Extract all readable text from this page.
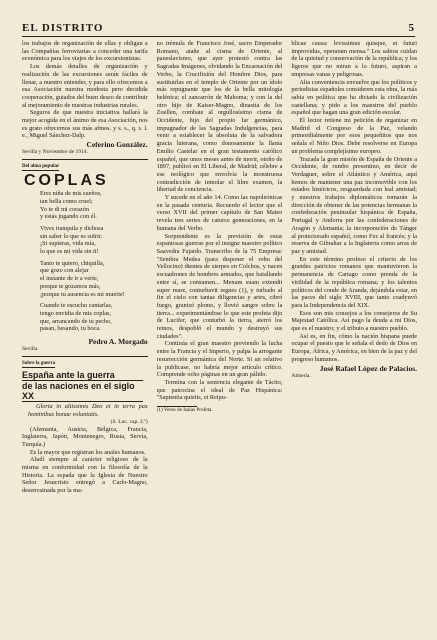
EL DISTRITO	5

los trabajos de organización de ellas y obligan a las Compañías ferroviarias a conceder una tarifa económica para los viajes de los excursionistas.

Los demás detalles de organización y realización de las excursiones serán fáciles de llenar, a nuestro entender, y para ello ofrecemos a esa Asociación nuestra modesta pero decidida cooperación, guiados del buen deseo de contribuir al mejoramiento de nuestras industrias rurales.

Seguros de que nuestra iniciativa hallará la mejor acogida en el ánimo de esa Asociación, nos es grato ofrecernos sus más afmos. y s. s., q. s. l. e., Miguel Sánchez-Dalp.

Ceferino González.

Sevilla y Noviembre de 1914.

Del alma popular
COPLAS
Eres niña de mis sueños,
tan bella como cruel;
Yo te di mi corazón
y estás jugando con él.
Vives tranquila y dichosa
sin saber lo que es sufrir.
¡Si supieras, vida mía,
lo que es mi vida sin ti!
Tanto te quiero, chiquilla,
que gozo con alejar
el instante de ir a verte,
porque te gozamos más,
¡porque tu ausencia es mi muerte!
Cuando te escucho cantarlas,
tengo envidia de mis coplas,
que, arrancando de tu pecho,
pasan, besando, tu boca.

Pedro A. Morgado

Sevilla.

Sobre la guerra
España ante la guerra
de las naciones en el siglo XX

Gloria in altissimis Deo et in terra pax hominibus bonae voluntatis.

(S. Luc. cap. 2.º)

(Alemania, Austria, Bélgica, Francia, Inglaterra, Japón, Montenegro, Rusia, Servia, Turquía.)

Es la mayor que registran los anales humanos.

Aludí siempre al carácter religioso de la misma en conformidad con la filosofía de la Historia. La espada que la Iglesia de Nuestro Señor Jesucristo entregó a Carlo-Magno, desenvainada por la ma-

no trémula de Francisco José, sacro Emperador Romano, atañe al cisma de Oriente, al paneslavismo, que ayer protestó contra las Sagradas Imágenes, olvidando la Encarnación del Verbo, la Crucifixión del Hombre Dios, para sustituirlas en el templo de Oriente por un ídolo más repugnante que los de la bella mitología helénica; el zancarrón de Mahoma; y con la del otro hijo de Kaiser-Magno, dinastía de los Zoellen, combate al orgullosísimo cisma de Occidente, hijo del propio far germánico, impugnador de las Sagradas Indulgencias, para venir a establecer la absoluta de la salvadora gracia luterana, como donosamente la llama Emilio Castelar en el gran testamento católico español, que unos meses antes de morir, otoño de 1897, publicó en El Liberal, de Madrid; célebre a ese teológico que envolvía la monstruosa contradicción de inmolar el libre examen, la libertad de conciencia.

Y sucede en el año 14. Como las napoleónicas en la pasada centuria. Recuerdo el lector que el verso XVII del primer capítulo de San Mateo revela tres series de catorce generaciones, en la humana del Verbo.

Sorprendente es la previsión de estas espantosas guerras por el insigne maestro político Saavedra Fajardo. Transcribo de la 75 Empresa: "Sembra Medea (para disponer el robo del Vellocino) dientes de sierpes en Colchos, y nacen escuadrones de hombres armados, que batallando entre sí, se consumen... Menum suam extendit super mare, conturbavit regnes (1), y turbado al fin el cielo con tantas diligencias y artes, cibró fuego, granizó plomo, y llovió sangre sobre la tierra... experimentándose lo que este profeta dijo de Lucifer, que conturbó la tierra, aterró los reinos, despobló el mundo y destruyó sus ciudades".

Continúa el gran maestro previendo la lucha entre la Francia y el Imperio, y palpa la arrogante resurrección germánica del Norte. Si un relativo la publicase, no habría mejor artículo crítico. Comprende ocho páginas en un gran pálido.

Termina con la sentencia elegante de Tácito, que patrocina el ideal de Paz Hispánica: "Sapientia quietis, et Reipu-

(1) Verso de Isaías Profeta.

blicae causa: levissimus quisque, et futuri improvidus, operaram mensa." Los sabios cuidan de la quietud y conservación de la república; y los ligeros que no miran a lo futuro, aspiran a empresas vanas y peligrosas.

Alta conveniencia envuelve que los políticos y periodistas españoles consideren esta obra, la más sabia en política que ha dictado la civilización castellana; y pido a los maestros del pueblo español que hagan una gran edición escolar.

El lector retiene mi petición de organizar en Madrid el Congreso de la Paz, velando primordialmente por esos pequeñitos que nos señala el Niño Dios. Debe resolverse en Europa un problema complejísimo europeo.

Trazada la gran misión de España de Oriente a Occidente, de rumbo presentino, en decir de Verdaguer, sobre el Atlántico y América, aquí hemos de mantener una paz incomovible con los estados históricos, resguardada con leal amistad; y nuestros trabajos diplomáticos tomarán la dirección de obtener de las potencias hermanas la confederación peninsular hispánica de España, Portugal y Andorra por las confederaciones de Aragón y Alemania; la incorporación de Tánger al protectorado español, como Fez al francés; y la reserva de Gibraltar a la Inglaterra como arras de paz y amistad.

En este término profeso el criterio de los grandes patricios romanos que mantuvieron la permanencia de Cartago como prenda de la virilidad de la república romana; y los talentos políticos del conde de Aranda, dejándola estar, en las paces del siglo XVIII, que tanto coadyuvó para la Independencia del XIX.

Esos son mis consejos a los consejeros de Su Majestad Católica. Así pago la deuda a mi Dios, que es el nuestro; y el tributo a nuestro pueblo.

Así es, en fin, cómo la nación hispana puede ocupar el puesto que le señala el dedo de Dios en Europa, África, y América, en bien de la paz y del progreso humanos.

José Rafael López de Palacios.

Almería.
